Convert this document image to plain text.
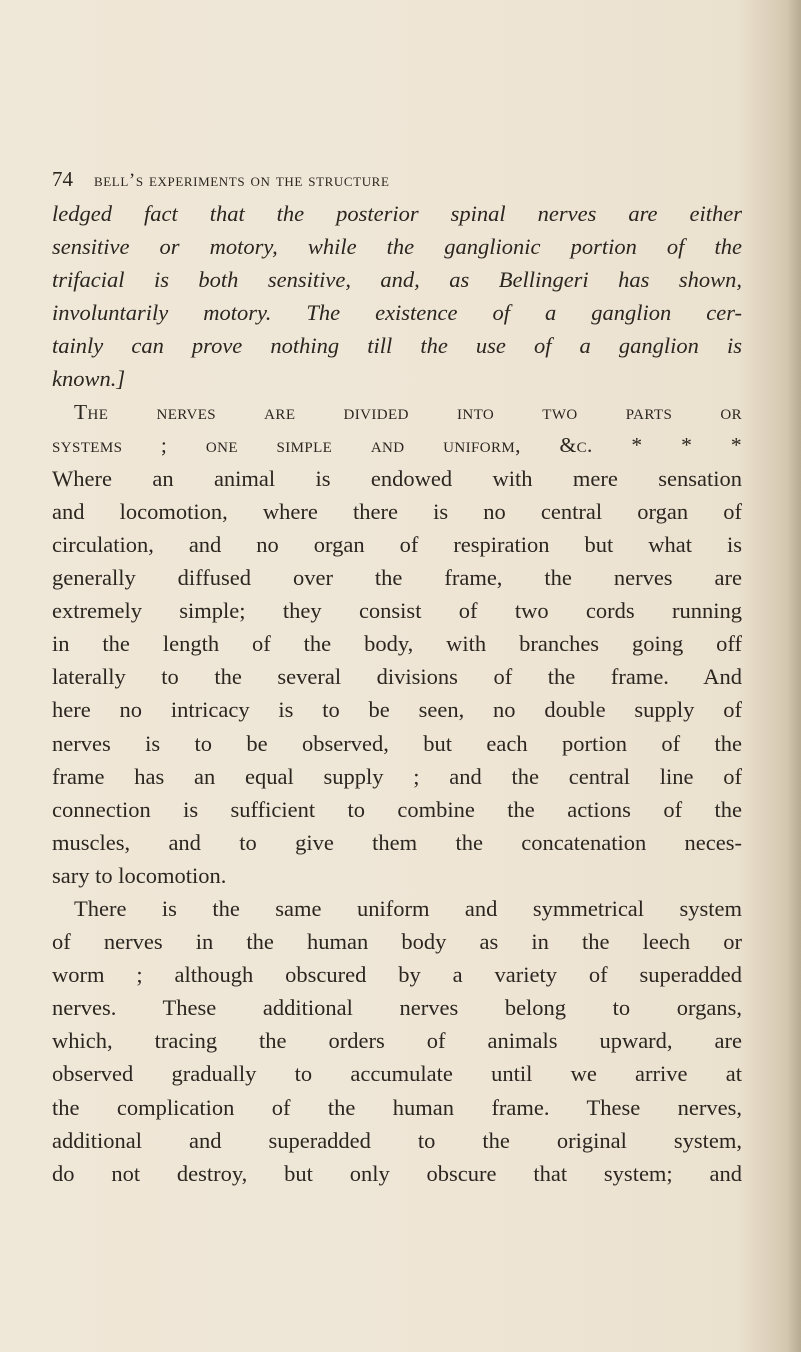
74 bell’s experiments on the structure
ledged fact that the posterior spinal nerves are either
sensitive or motory, while the ganglionic portion of the
trifacial is both sensitive, and, as Bellingeri has shown,
involuntarily motory. The existence of a ganglion cer-
tainly can prove nothing till the use of a ganglion is
known.]
The nerves are divided into two parts or
systems ; one simple and uniform, &c. * * *
Where an animal is endowed with mere sensation
and locomotion, where there is no central organ of
circulation, and no organ of respiration but what is
generally diffused over the frame, the nerves are
extremely simple; they consist of two cords running
in the length of the body, with branches going off
laterally to the several divisions of the frame. And
here no intricacy is to be seen, no double supply of
nerves is to be observed, but each portion of the
frame has an equal supply ; and the central line of
connection is sufficient to combine the actions of the
muscles, and to give them the concatenation neces-
sary to locomotion.
There is the same uniform and symmetrical system
of nerves in the human body as in the leech or
worm ; although obscured by a variety of superadded
nerves. These additional nerves belong to organs,
which, tracing the orders of animals upward, are
observed gradually to accumulate until we arrive at
the complication of the human frame. These nerves,
additional and superadded to the original system,
do not destroy, but only obscure that system; and
